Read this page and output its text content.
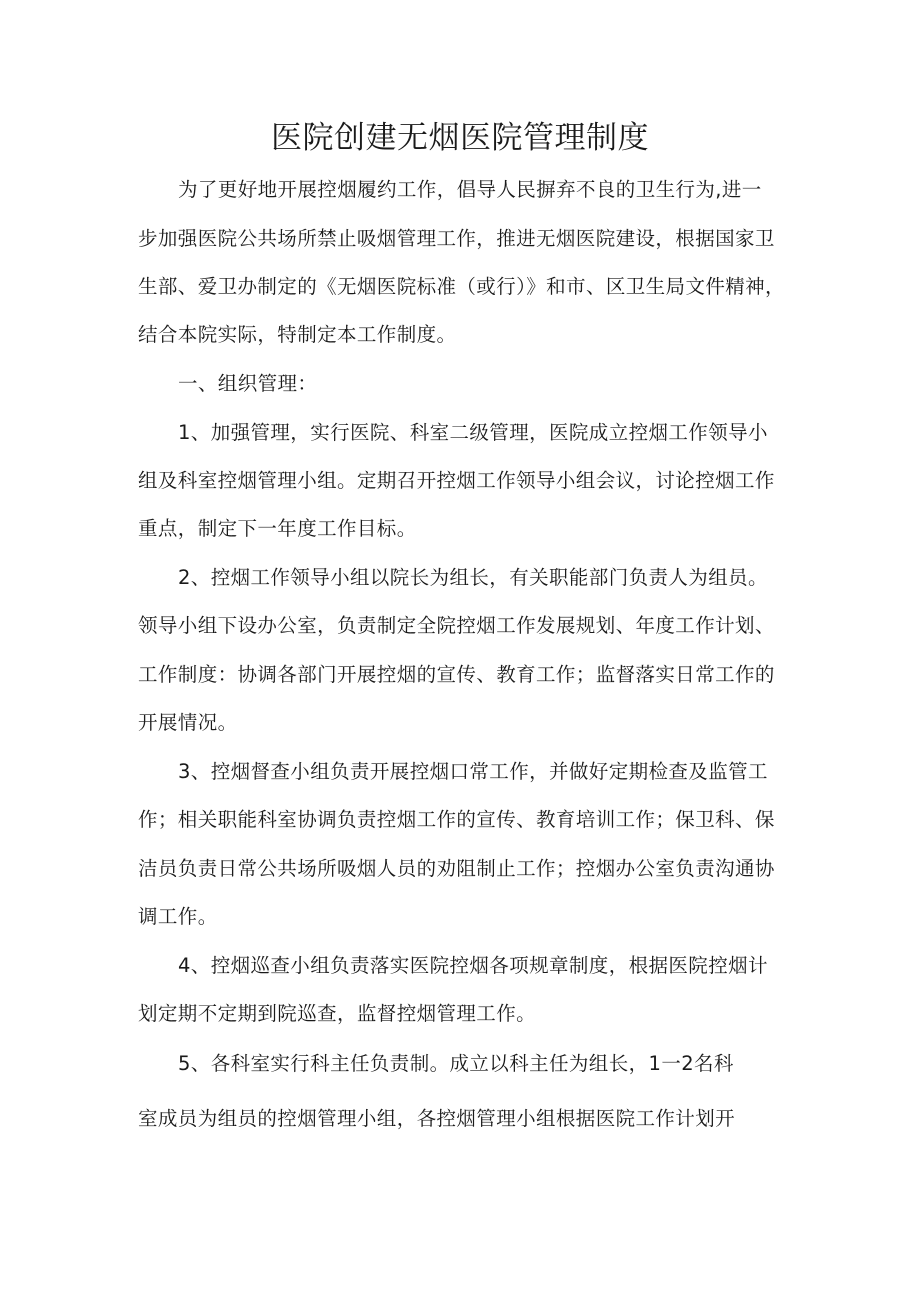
医院创建无烟医院管理制度
为了更好地开展控烟履约工作，倡导人民摒弃不良的卫生行为,进一
步加强医院公共场所禁止吸烟管理工作，推进无烟医院建设，根据国家卫
生部、爱卫办制定的《无烟医院标准（或行）》和市、区卫生局文件精神，
结合本院实际，特制定本工作制度。
一、组织管理：
1、加强管理，实行医院、科室二级管理，医院成立控烟工作领导小
组及科室控烟管理小组。定期召开控烟工作领导小组会议，讨论控烟工作
重点，制定下一年度工作目标。
2、控烟工作领导小组以院长为组长，有关职能部门负责人为组员。
领导小组下设办公室，负责制定全院控烟工作发展规划、年度工作计划、
工作制度：协调各部门开展控烟的宣传、教育工作；监督落实日常工作的
开展情况。
3、控烟督查小组负责开展控烟口常工作，并做好定期检查及监管工
作；相关职能科室协调负责控烟工作的宣传、教育培训工作；保卫科、保
洁员负责日常公共场所吸烟人员的劝阻制止工作；控烟办公室负责沟通协
调工作。
4、控烟巡查小组负责落实医院控烟各项规章制度，根据医院控烟计
划定期不定期到院巡查，监督控烟管理工作。
5、各科室实行科主任负责制。成立以科主任为组长，1一2名科
室成员为组员的控烟管理小组，各控烟管理小组根据医院工作计划开
